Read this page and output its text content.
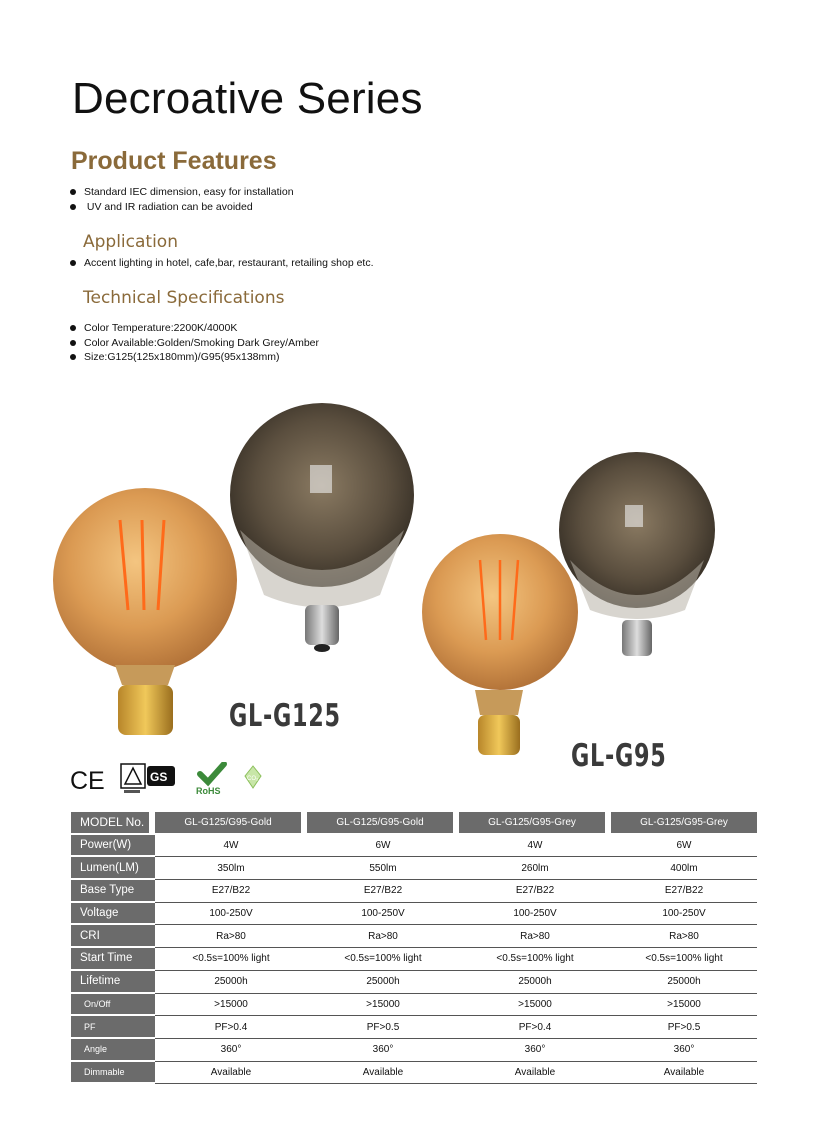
Decroative Series
Product Features
Standard IEC dimension, easy for installation
UV and IR radiation can be avoided
Application
Accent lighting in hotel, cafe,bar, restaurant, retailing shop etc.
Technical Specifications
Color Temperature:2200K/4000K
Color Available:Golden/Smoking Dark Grey/Amber
Size:G125(125x180mm)/G95(95x138mm)
GL-G125
GL-G95
CE	GS
RoHS
CO₂
MODEL No.	GL-G125/G95-Gold	GL-G125/G95-Gold	GL-G125/G95-Grey	GL-G125/G95-Grey
Power(W)	4W	6W	4W	6W
Lumen(LM)	350lm	550lm	260lm	400lm
Base Type	E27/B22	E27/B22	E27/B22	E27/B22
Voltage	100-250V	100-250V	100-250V	100-250V
CRI	Ra>80	Ra>80	Ra>80	Ra>80
Start Time	<0.5s=100% light	<0.5s=100% light	<0.5s=100% light	<0.5s=100% light
Lifetime	25000h	25000h	25000h	25000h
On/Off	>15000	>15000	>15000	>15000
PF	PF>0.4	PF>0.5	PF>0.4	PF>0.5
Angle	360°	360°	360°	360°
Dimmable	Available	Available	Available	Available
